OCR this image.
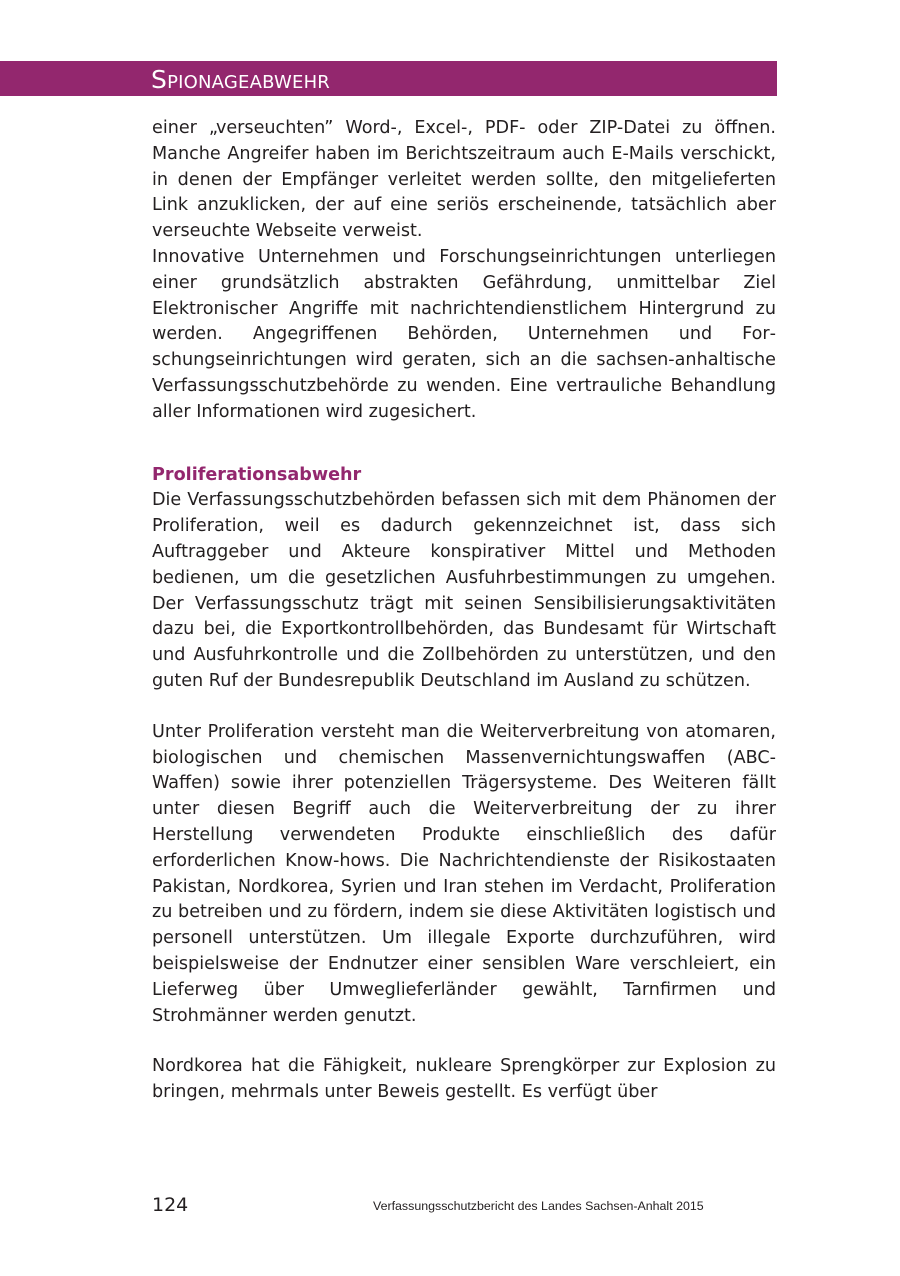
Spionageabwehr

einer „verseuchten” Word-, Excel-, PDF- oder ZIP-Datei zu öffnen. Manche Angreifer haben im Berichtszeitraum auch E-Mails verschickt, in denen der Empfänger verleitet werden sollte, den mitgelieferten Link anzuklicken, der auf eine seriös erscheinende, tatsächlich aber verseuchte Webseite verweist.

Innovative Unternehmen und Forschungseinrichtungen unterliegen einer grundsätzlich abstrakten Gefährdung, unmittelbar Ziel Elektronischer Angriffe mit nachrichtendienstlichem Hintergrund zu werden. Angegriffenen Behörden, Unternehmen und Forschungseinrichtungen wird geraten, sich an die sachsen-anhaltische Verfassungsschutzbehörde zu wenden. Eine vertrauliche Behandlung aller Informationen wird zugesichert.

Proliferationsabwehr

Die Verfassungsschutzbehörden befassen sich mit dem Phänomen der Proliferation, weil es dadurch gekennzeichnet ist, dass sich Auftraggeber und Akteure konspirativer Mittel und Methoden bedienen, um die gesetzlichen Ausfuhrbestimmungen zu umgehen. Der Verfassungsschutz trägt mit seinen Sensibilisierungsaktivitäten dazu bei, die Exportkontrollbehörden, das Bundesamt für Wirtschaft und Ausfuhrkontrolle und die Zollbehörden zu unterstützen, und den guten Ruf der Bundesrepublik Deutschland im Ausland zu schützen.

Unter Proliferation versteht man die Weiterverbreitung von atomaren, biologischen und chemischen Massenvernichtungswaffen (ABC-Waffen) sowie ihrer potenziellen Trägersysteme. Des Weiteren fällt unter diesen Begriff auch die Weiterverbreitung der zu ihrer Herstellung verwendeten Produkte einschließlich des dafür erforderlichen Know-hows. Die Nachrichtendienste der Risikostaaten Pakistan, Nordkorea, Syrien und Iran stehen im Verdacht, Proliferation zu betreiben und zu fördern, indem sie diese Aktivitäten logistisch und personell unterstützen. Um illegale Exporte durchzuführen, wird beispielsweise der Endnutzer einer sensiblen Ware verschleiert, ein Lieferweg über Umweglieferländer gewählt, Tarnfirmen und Strohmänner werden genutzt.

Nordkorea hat die Fähigkeit, nukleare Sprengkörper zur Explosion zu bringen, mehrmals unter Beweis gestellt. Es verfügt über

124	Verfassungsschutzbericht des Landes Sachsen-Anhalt 2015
